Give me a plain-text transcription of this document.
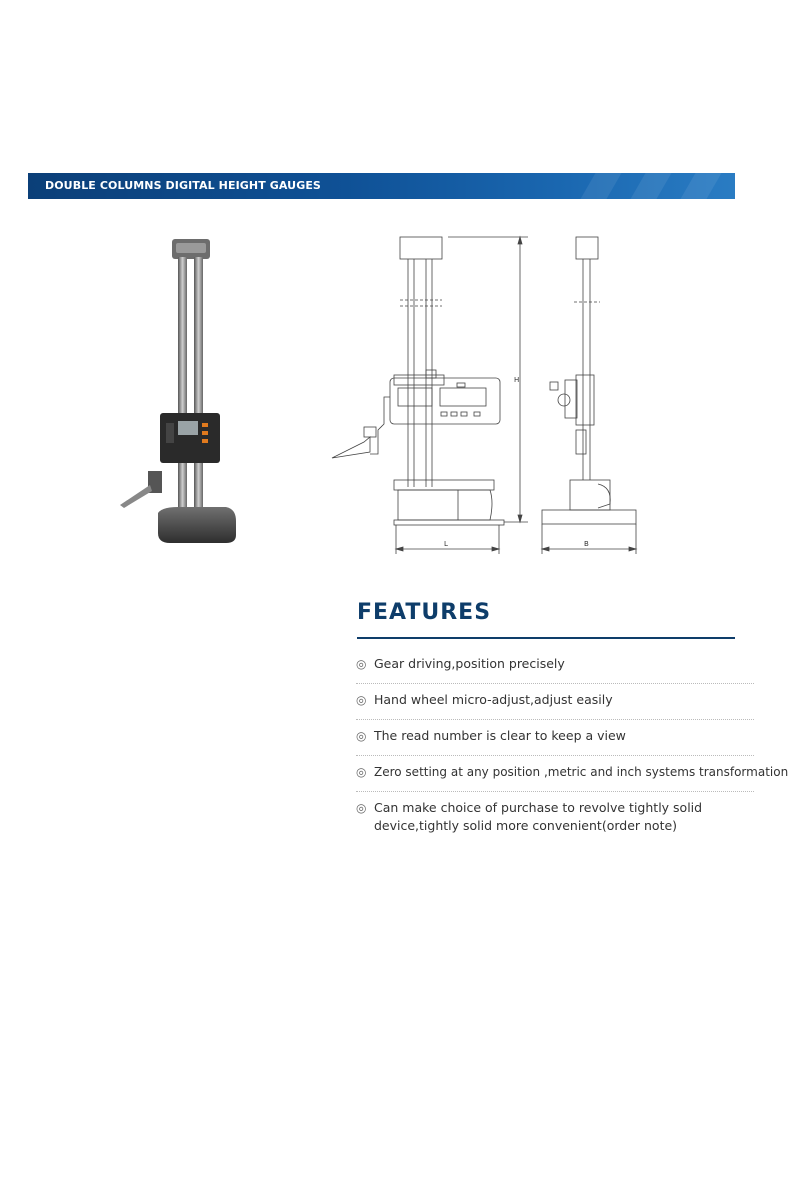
DOUBLE COLUMNS DIGITAL HEIGHT GAUGES
H
L	B
FEATURES
◎ Gear driving,position precisely
◎ Hand wheel micro-adjust,adjust easily
◎ The read number is clear to keep a view
◎ Zero setting at any position ,metric and inch systems transformation
◎ Can make choice of purchase to revolve tightly solid device,tightly solid more convenient(order note)
